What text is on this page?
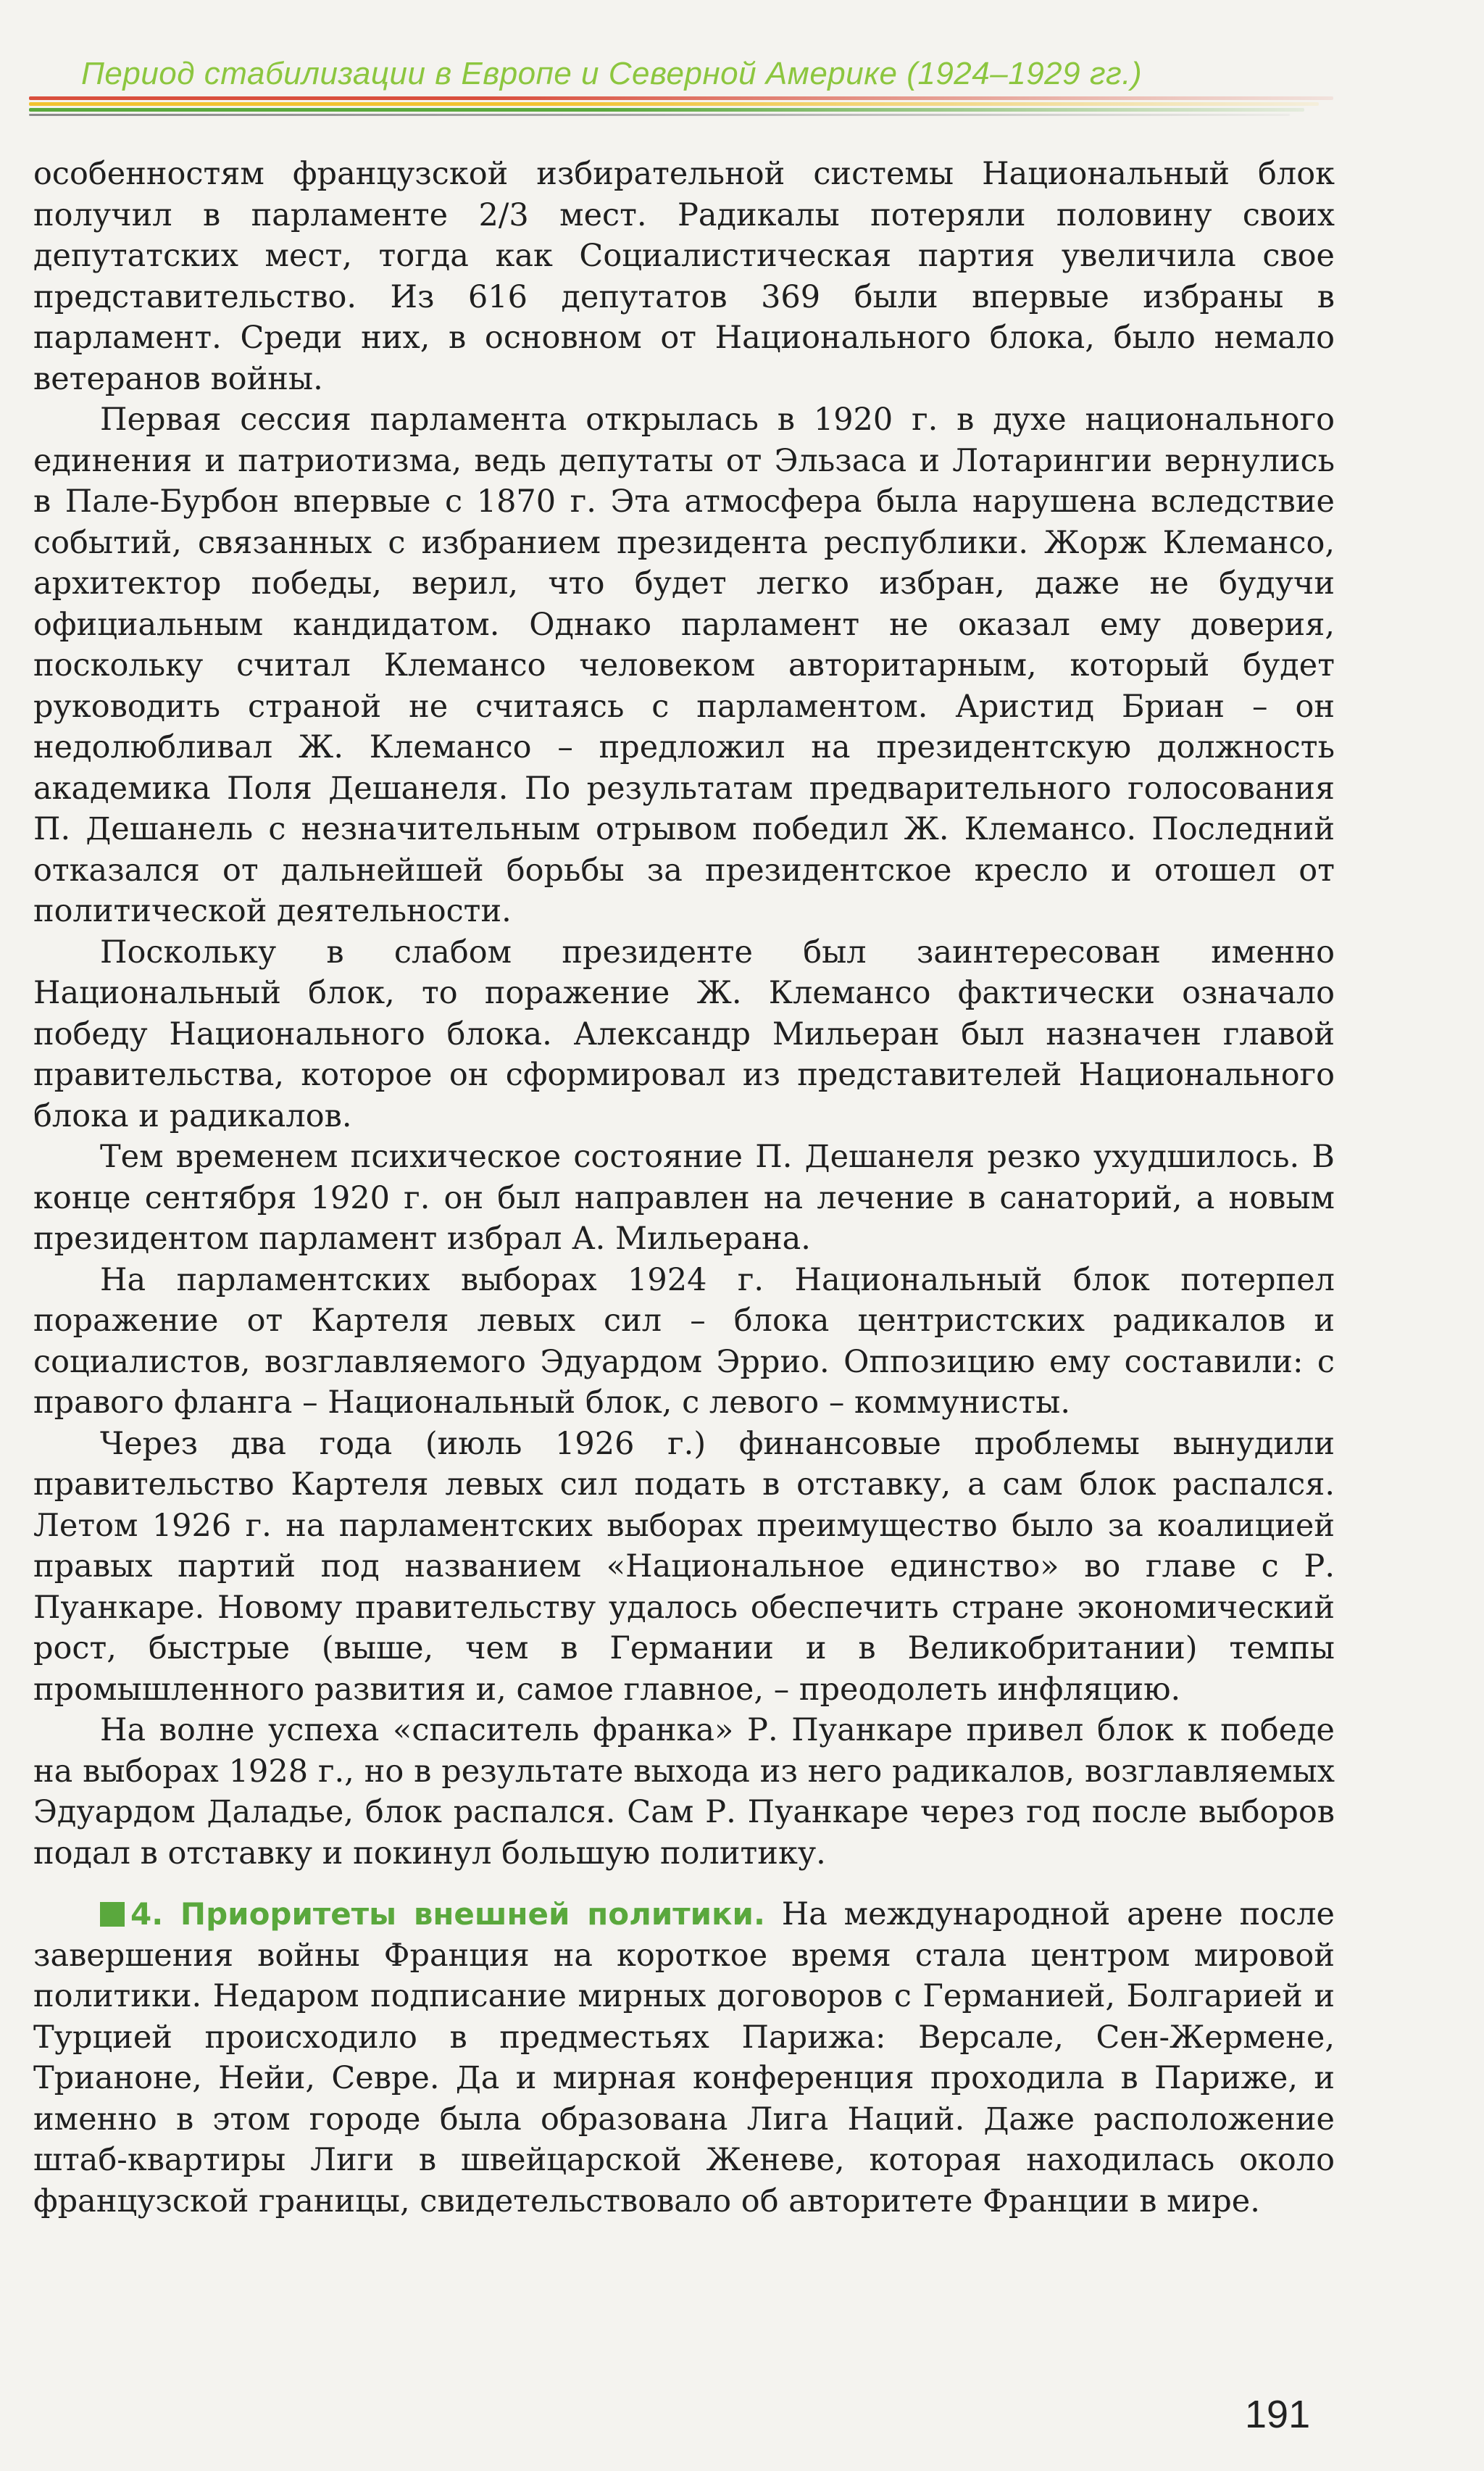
Период стабилизации в Европе и Северной Америке (1924–1929 гг.)

особенностям французской избирательной системы Национальный блок получил в парламенте 2/3 мест. Радикалы потеряли половину своих депутатских мест, тогда как Социалистическая партия увеличила свое представительство. Из 616 депутатов 369 были впервые избраны в парламент. Среди них, в основном от Национального блока, было немало ветеранов войны.

Первая сессия парламента открылась в 1920 г. в духе национального единения и патриотизма, ведь депутаты от Эльзаса и Лотарингии вернулись в Пале-Бурбон впервые с 1870 г. Эта атмосфера была нарушена вследствие событий, связанных с избранием президента республики. Жорж Клемансо, архитектор победы, верил, что будет легко избран, даже не будучи официальным кандидатом. Однако парламент не оказал ему доверия, поскольку считал Клемансо человеком авторитарным, который будет руководить страной не считаясь с парламентом. Аристид Бриан – он недолюбливал Ж. Клемансо – предложил на президентскую должность академика Поля Дешанеля. По результатам предварительного голосования П. Дешанель с незначительным отрывом победил Ж. Клемансо. Последний отказался от дальнейшей борьбы за президентское кресло и отошел от политической деятельности.

Поскольку в слабом президенте был заинтересован именно Национальный блок, то поражение Ж. Клемансо фактически означало победу Национального блока. Александр Мильеран был назначен главой правительства, которое он сформировал из представителей Национального блока и радикалов.

Тем временем психическое состояние П. Дешанеля резко ухудшилось. В конце сентября 1920 г. он был направлен на лечение в санаторий, а новым президентом парламент избрал А. Мильерана.

На парламентских выборах 1924 г. Национальный блок потерпел поражение от Картеля левых сил – блока центристских радикалов и социалистов, возглавляемого Эдуардом Эррио. Оппозицию ему составили: с правого фланга – Национальный блок, с левого – коммунисты.

Через два года (июль 1926 г.) финансовые проблемы вынудили правительство Картеля левых сил подать в отставку, а сам блок распался. Летом 1926 г. на парламентских выборах преимущество было за коалицией правых партий под названием «Национальное единство» во главе с Р. Пуанкаре. Новому правительству удалось обеспечить стране экономический рост, быстрые (выше, чем в Германии и в Великобритании) темпы промышленного развития и, самое главное, – преодолеть инфляцию.

На волне успеха «спаситель франка» Р. Пуанкаре привел блок к победе на выборах 1928 г., но в результате выхода из него радикалов, возглавляемых Эдуардом Даладье, блок распался. Сам Р. Пуанкаре через год после выборов подал в отставку и покинул большую политику.

4. Приоритеты внешней политики. На международной арене после завершения войны Франция на короткое время стала центром мировой политики. Недаром подписание мирных договоров с Германией, Болгарией и Турцией происходило в предместьях Парижа: Версале, Сен-Жермене, Трианоне, Нейи, Севре. Да и мирная конференция проходила в Париже, и именно в этом городе была образована Лига Наций. Даже расположение штаб-квартиры Лиги в швейцарской Женеве, которая находилась около французской границы, свидетельствовало об авторитете Франции в мире.

191
